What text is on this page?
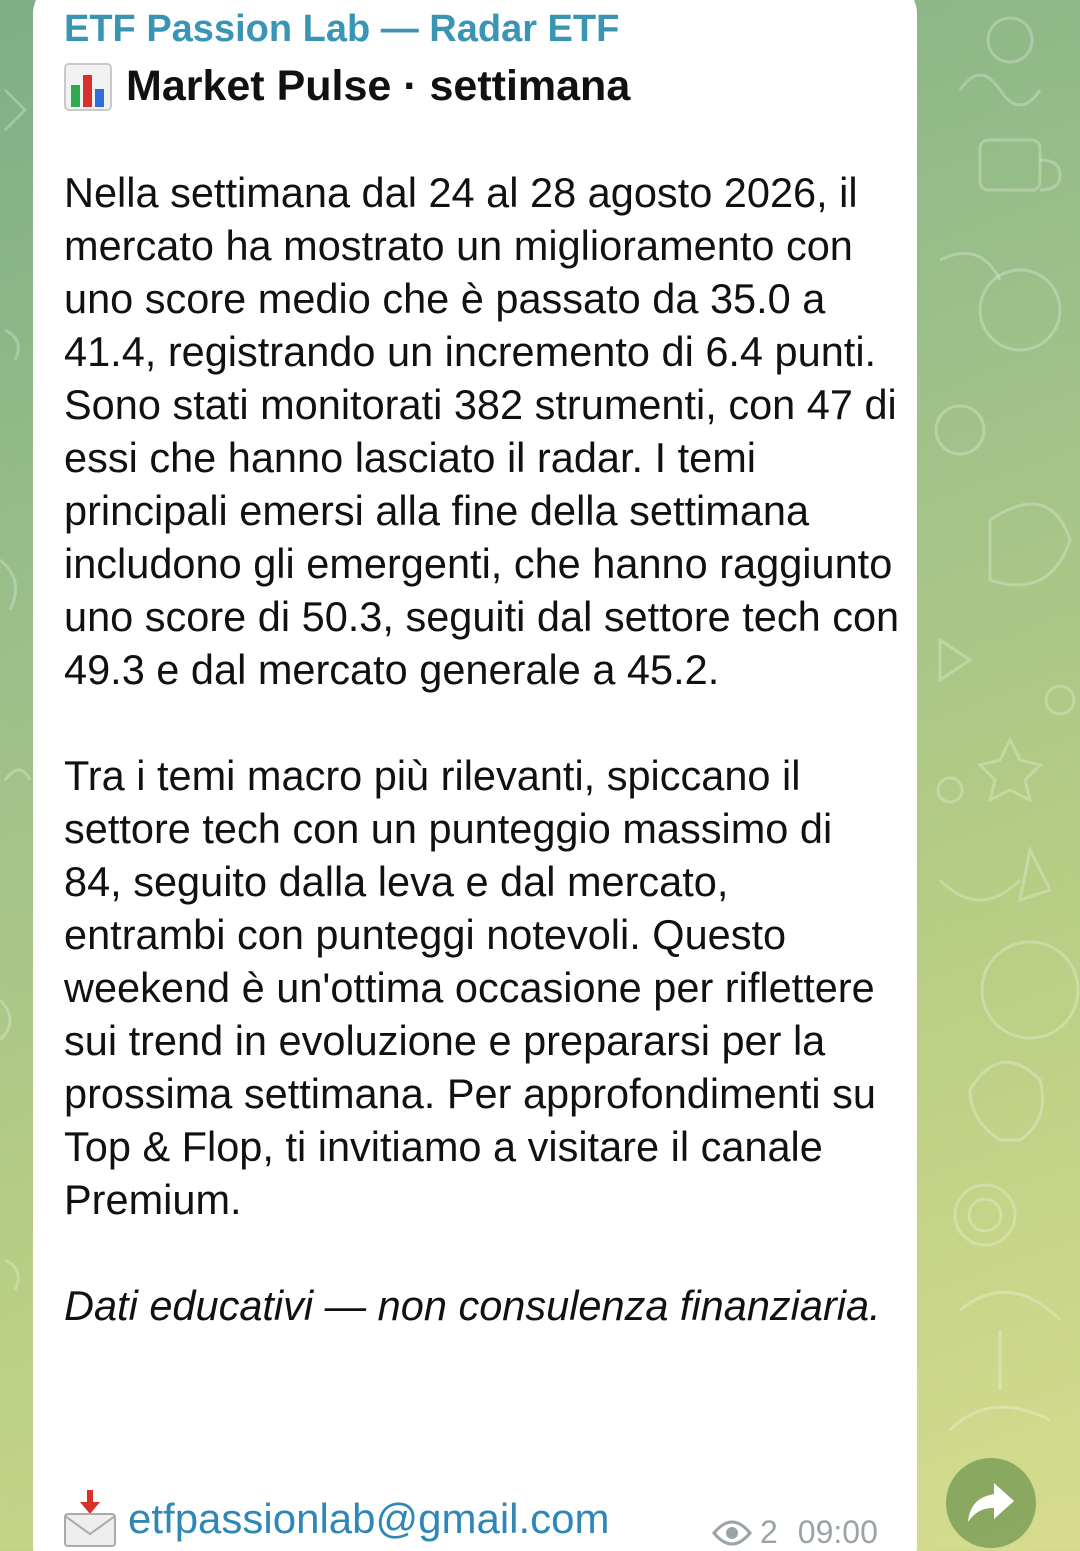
ETF Passion Lab — Radar ETF
Market Pulse · settimana

Nella settimana dal 24 al 28 agosto 2026, il mercato ha mostrato un miglioramento con uno score medio che è passato da 35.0 a 41.4, registrando un incremento di 6.4 punti. Sono stati monitorati 382 strumenti, con 47 di essi che hanno lasciato il radar. I temi principali emersi alla fine della settimana includono gli emergenti, che hanno raggiunto uno score di 50.3, seguiti dal settore tech con 49.3 e dal mercato generale a 45.2.

Tra i temi macro più rilevanti, spiccano il settore tech con un punteggio massimo di 84, seguito dalla leva e dal mercato, entrambi con punteggi notevoli. Questo weekend è un'ottima occasione per riflettere sui trend in evoluzione e prepararsi per la prossima settimana. Per approfondimenti su Top & Flop, ti invitiamo a visitare il canale Premium.

Dati educativi — non consulenza finanziaria.

etfpassionlab@gmail.com	2 09:00
